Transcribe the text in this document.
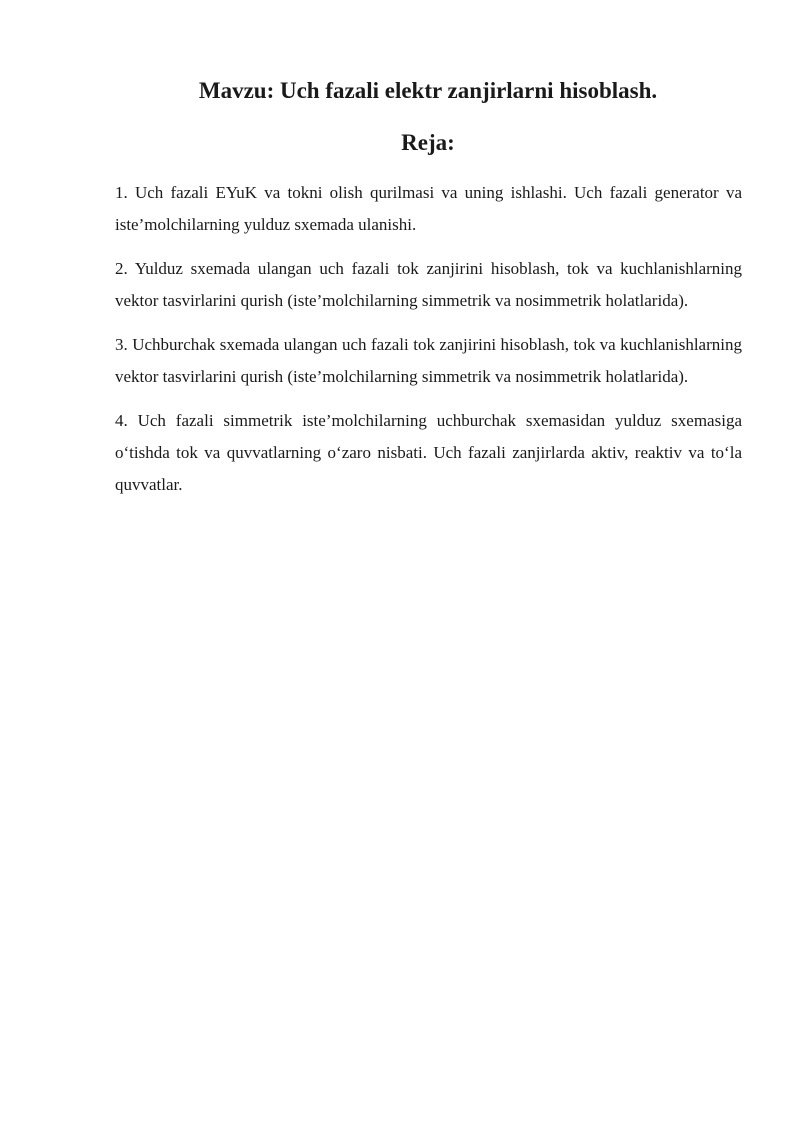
Mavzu: Uch fazali elektr zanjirlarni hisoblash.
Reja:
1. Uch fazali EYuK va tokni olish qurilmasi va uning ishlashi. Uch fazali generator va iste’molchilarning yulduz sxemada ulanishi.
2. Yulduz sxemada ulangan uch fazali tok zanjirini hisoblash, tok va kuchlanishlarning vektor tasvirlarini qurish (iste’molchilarning simmetrik va nosimmetrik holatlarida).
3. Uchburchak sxemada ulangan uch fazali tok zanjirini hisoblash, tok va kuchlanishlarning vektor tasvirlarini qurish (iste’molchilarning simmetrik va nosimmetrik holatlarida).
4. Uch fazali simmetrik iste’molchilarning uchburchak sxemasidan yulduz sxemasiga o‘tishda tok va quvvatlarning o‘zaro nisbati. Uch fazali zanjirlarda aktiv, reaktiv va to‘la quvvatlar.
